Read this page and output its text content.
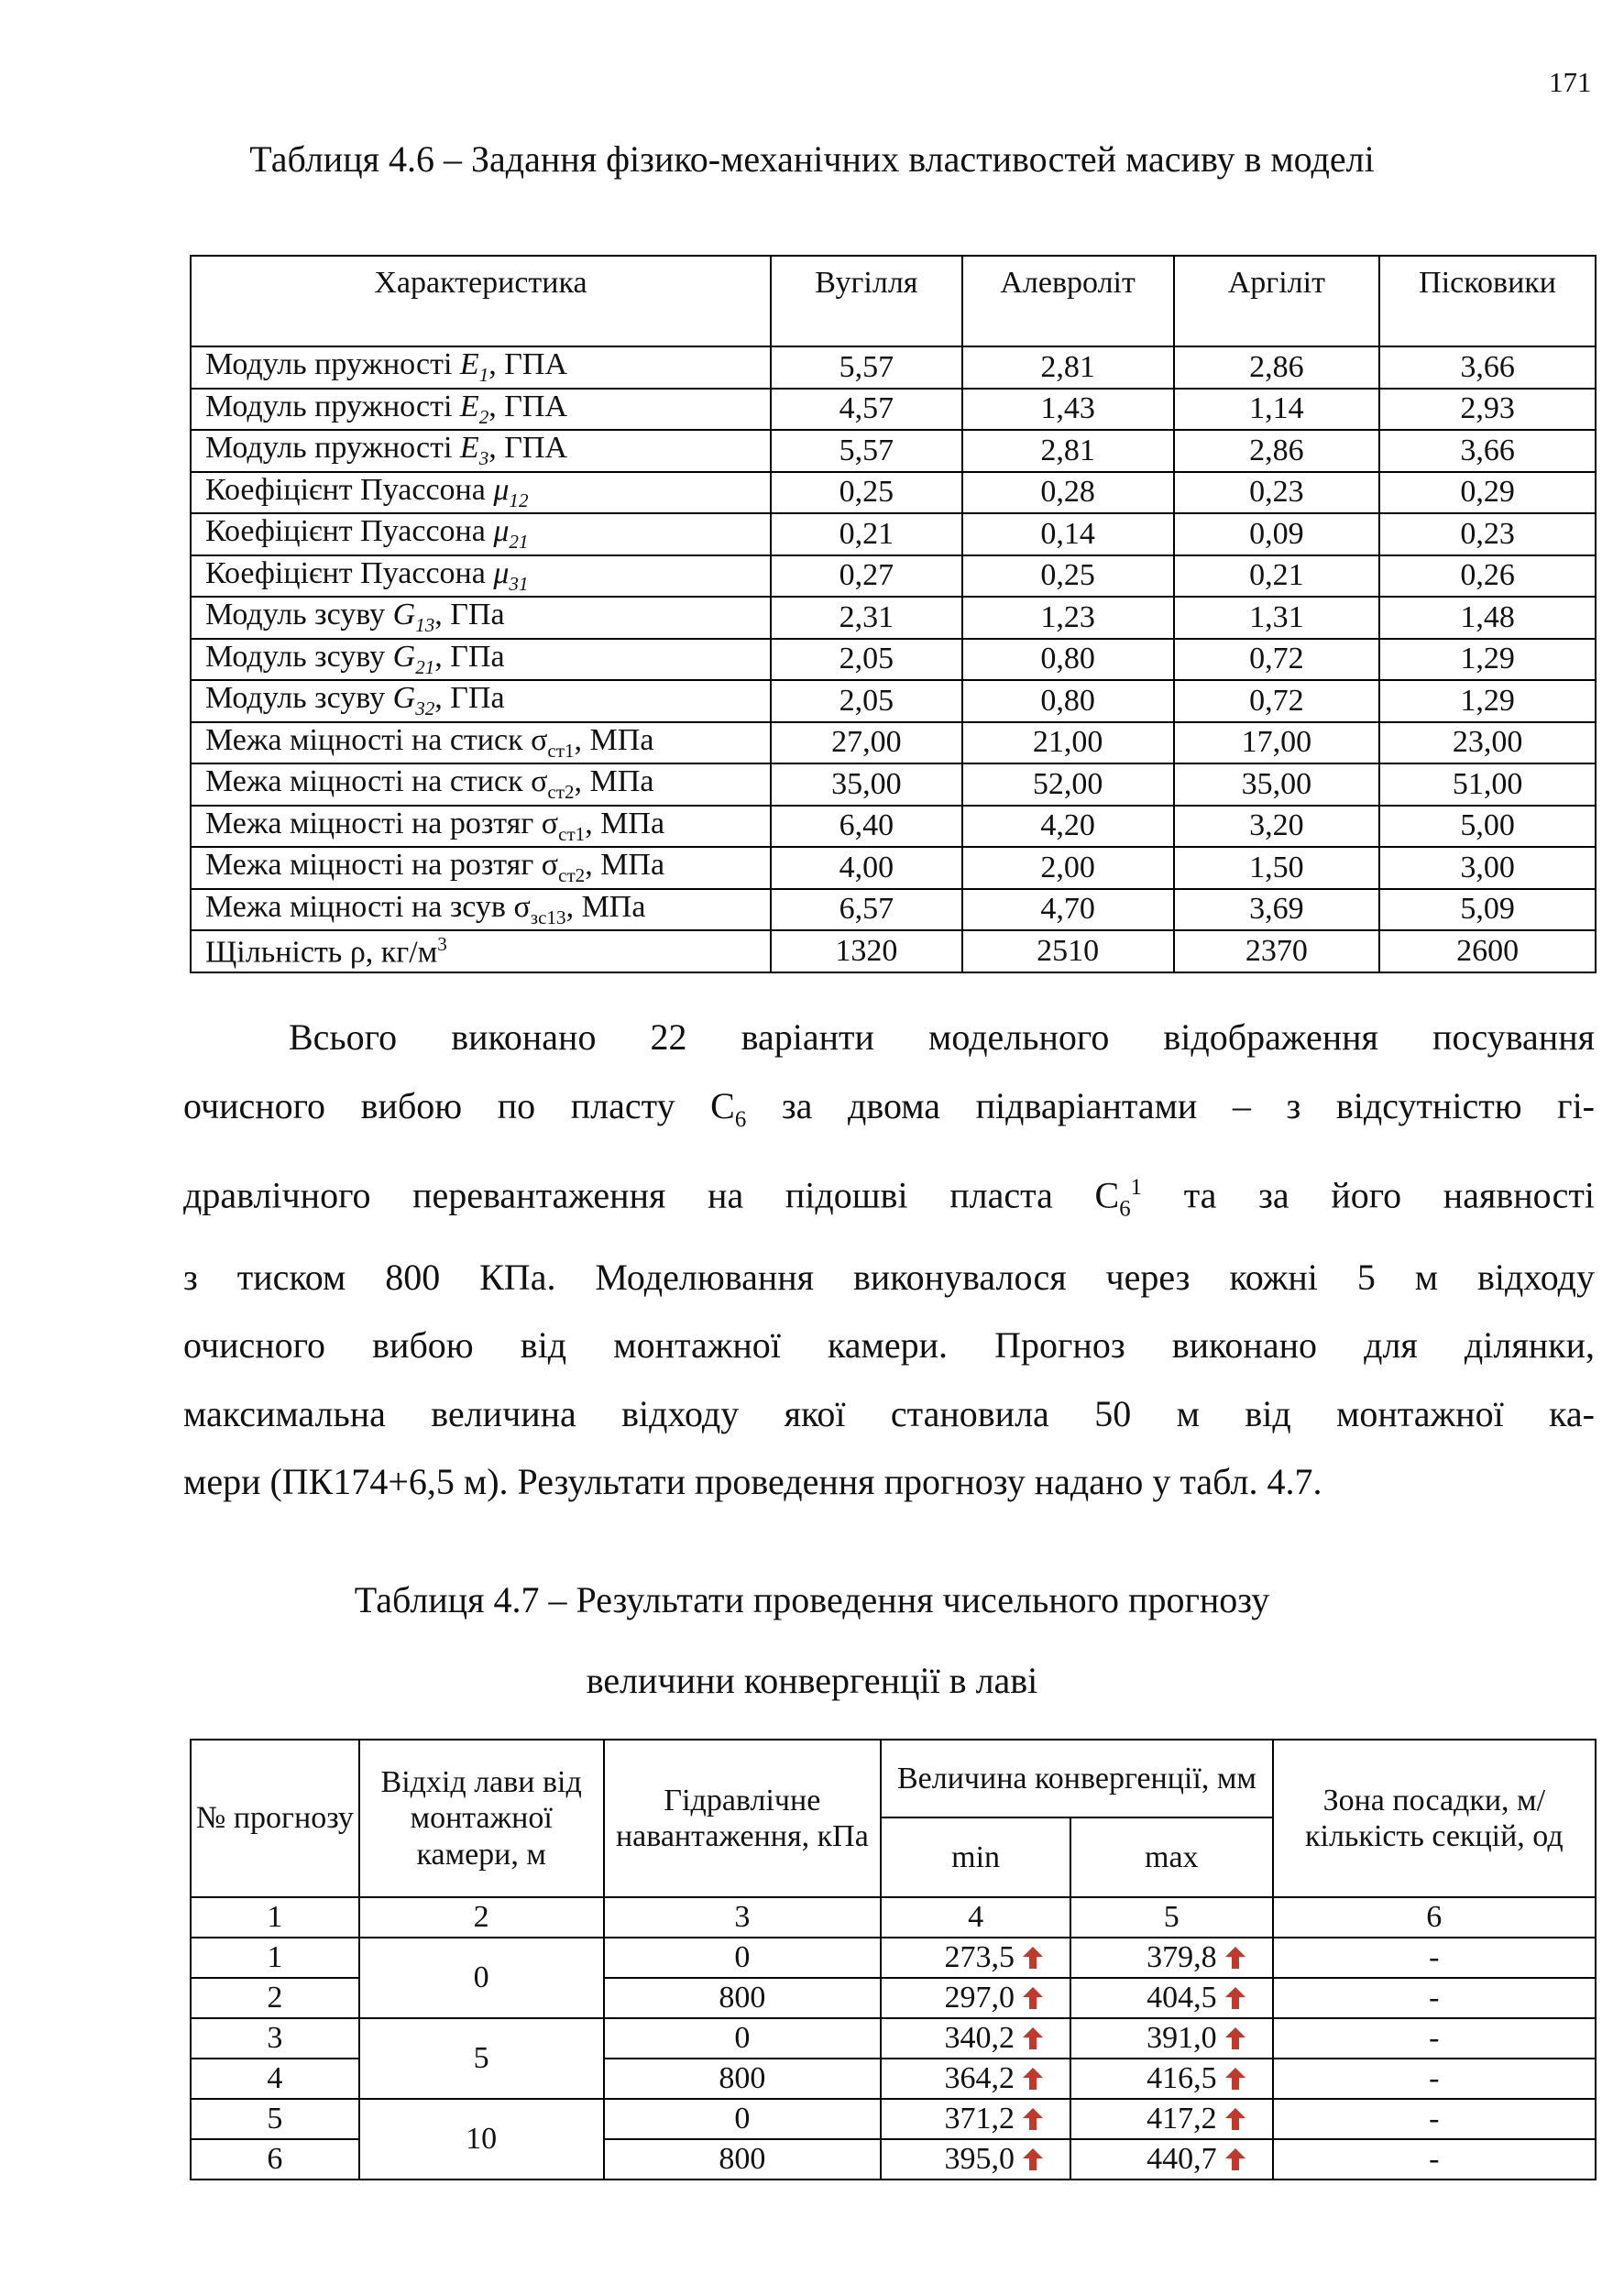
171
Таблиця 4.6 – Задання фізико-механічних властивостей масиву в моделі
Характеристика	Вугілля	Алевроліт	Аргіліт	Пісковики
Модуль пружності $E_1$, ГПА	5,57	2,81	2,86	3,66
Модуль пружності $E_2$, ГПА	4,57	1,43	1,14	2,93
Модуль пружності $E_3$, ГПА	5,57	2,81	2,86	3,66
Коефіцієнт Пуассона $\mu_{12}$	0,25	0,28	0,23	0,29
Коефіцієнт Пуассона $\mu_{21}$	0,21	0,14	0,09	0,23
Коефіцієнт Пуассона $\mu_{31}$	0,27	0,25	0,21	0,26
Модуль зсуву $G_{13}$, ГПа	2,31	1,23	1,31	1,48
Модуль зсуву $G_{21}$, ГПа	2,05	0,80	0,72	1,29
Модуль зсуву $G_{32}$, ГПа	2,05	0,80	0,72	1,29
Межа міцності на стиск $\sigma_{ст1}$, МПа	27,00	21,00	17,00	23,00
Межа міцності на стиск $\sigma_{ст2}$, МПа	35,00	52,00	35,00	51,00
Межа міцності на розтяг $\sigma_{ст1}$, МПа	6,40	4,20	3,20	5,00
Межа міцності на розтяг $\sigma_{ст2}$, МПа	4,00	2,00	1,50	3,00
Межа міцності на зсув $\sigma_{зс13}$, МПа	6,57	4,70	3,69	5,09
Щільність ρ, $кг/м^3$	1320	2510	2370	2600

Всього виконано 22 варіанти модельного відображення посування

очисного вибою по пласту $С_6$ за двома підваріантами – з відсутністю гі-

дравлічного перевантаження на підошві пласта $С_6^1$ та за його наявності

з тиском 800 КПа. Моделювання виконувалося через кожні 5 м відходу

очисного вибою від монтажної камери. Прогноз виконано для ділянки,

максимальна величина відходу якої становила 50 м від монтажної ка-

мери (ПК174+6,5 м). Результати проведення прогнозу надано у табл. 4.7.

Таблиця 4.7 – Результати проведення чисельного прогнозу
величини конвергенції в лаві
№ прогнозу	Відхід лави від монтажної камери, м	Гідравлічне навантаження, кПа	Величина конвергенції, мм		Зона посадки, м/кількість секцій, од
			min	max	
1	2	3	4	5	6
1	0	0	273,5	379,8	-
2		800	297,0	404,5	-
3	5	0	340,2	391,0	-
4		800	364,2	416,5	-
5	10	0	371,2	417,2	-
6		800	395,0	440,7	-
